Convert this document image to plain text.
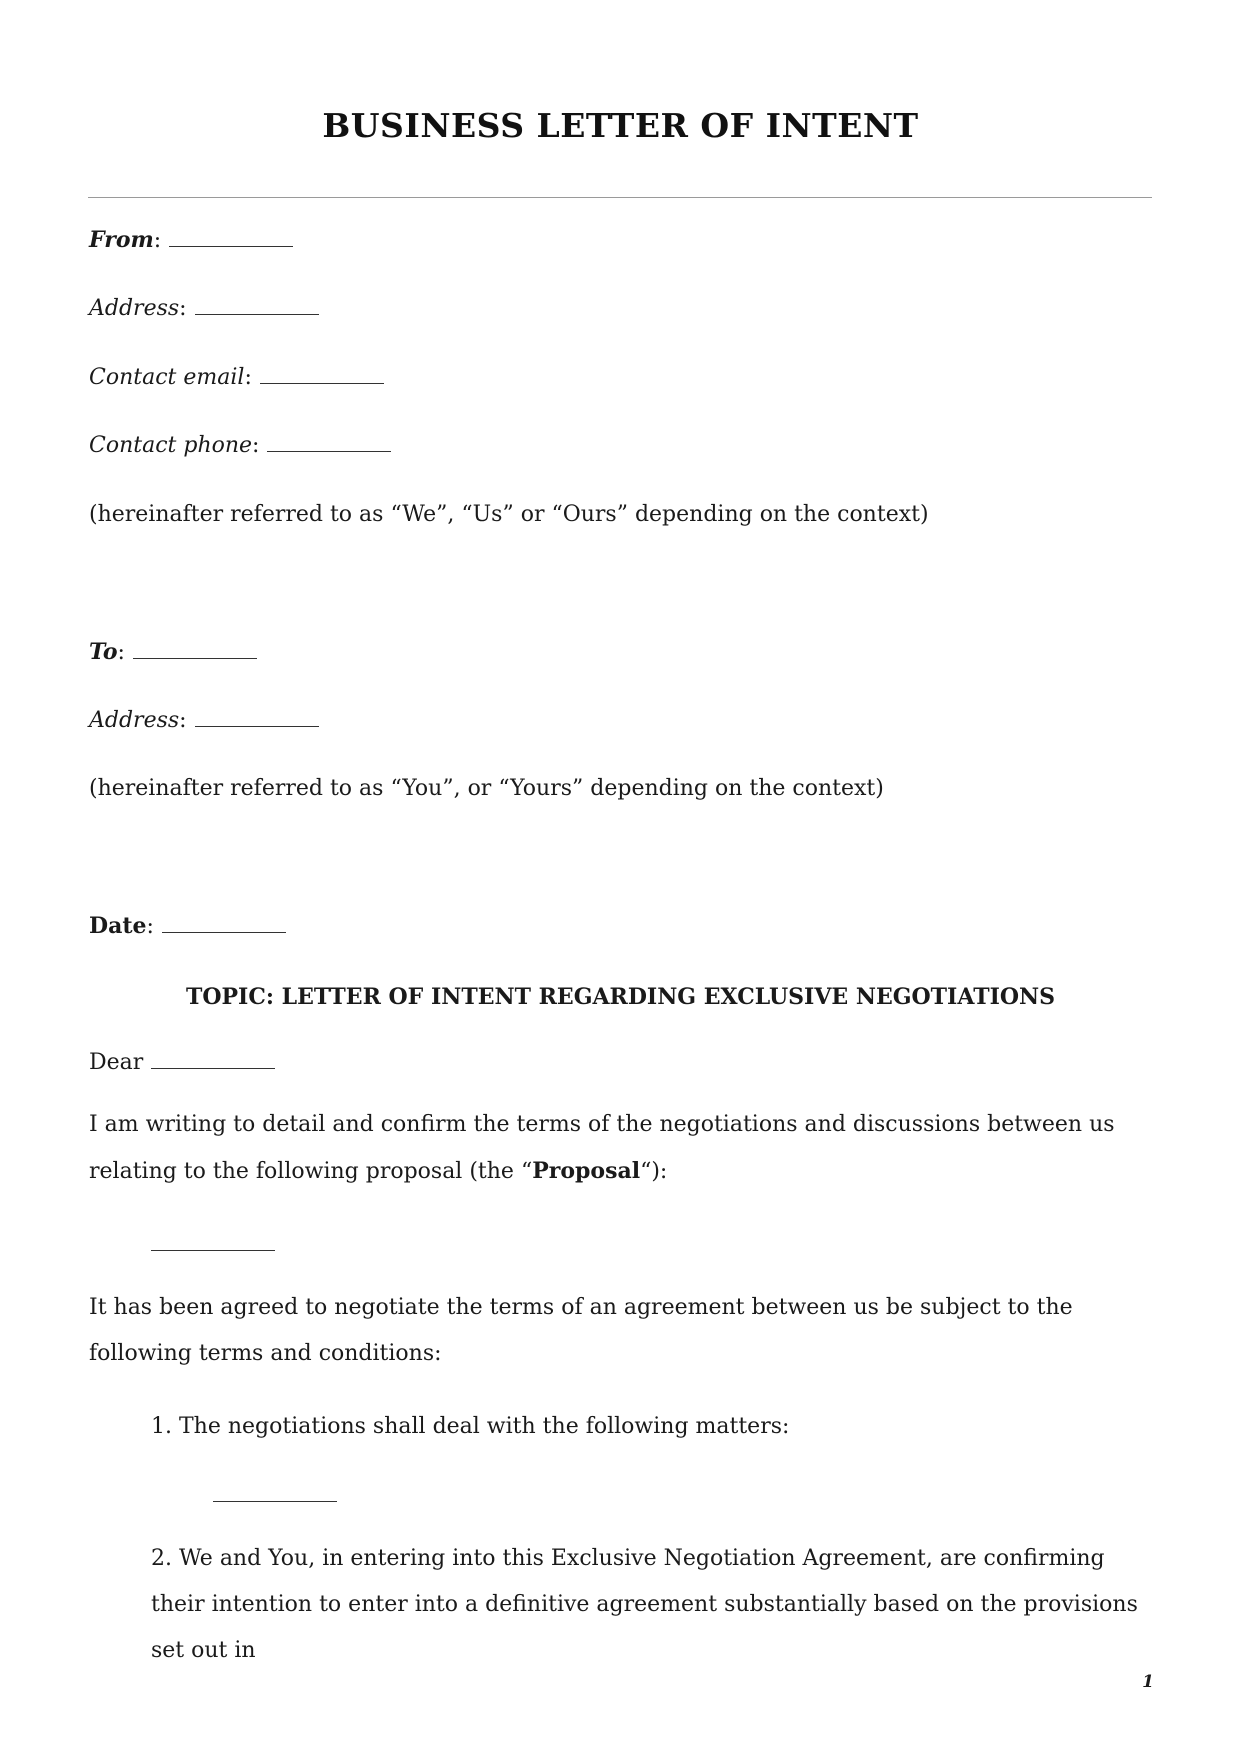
BUSINESS LETTER OF INTENT
From:
Address:
Contact email:
Contact phone:
(hereinafter referred to as “We”, “Us” or “Ours” depending on the context)
To:
Address:
(hereinafter referred to as “You”, or “Yours” depending on the context)
Date:
TOPIC: LETTER OF INTENT REGARDING EXCLUSIVE NEGOTIATIONS
Dear
I am writing to detail and confirm the terms of the negotiations and discussions between us relating to the following proposal (the “Proposal“):
It has been agreed to negotiate the terms of an agreement between us be subject to the following terms and conditions:
1. The negotiations shall deal with the following matters:
2. We and You, in entering into this Exclusive Negotiation Agreement, are confirming their intention to enter into a definitive agreement substantially based on the provisions set out in
1
